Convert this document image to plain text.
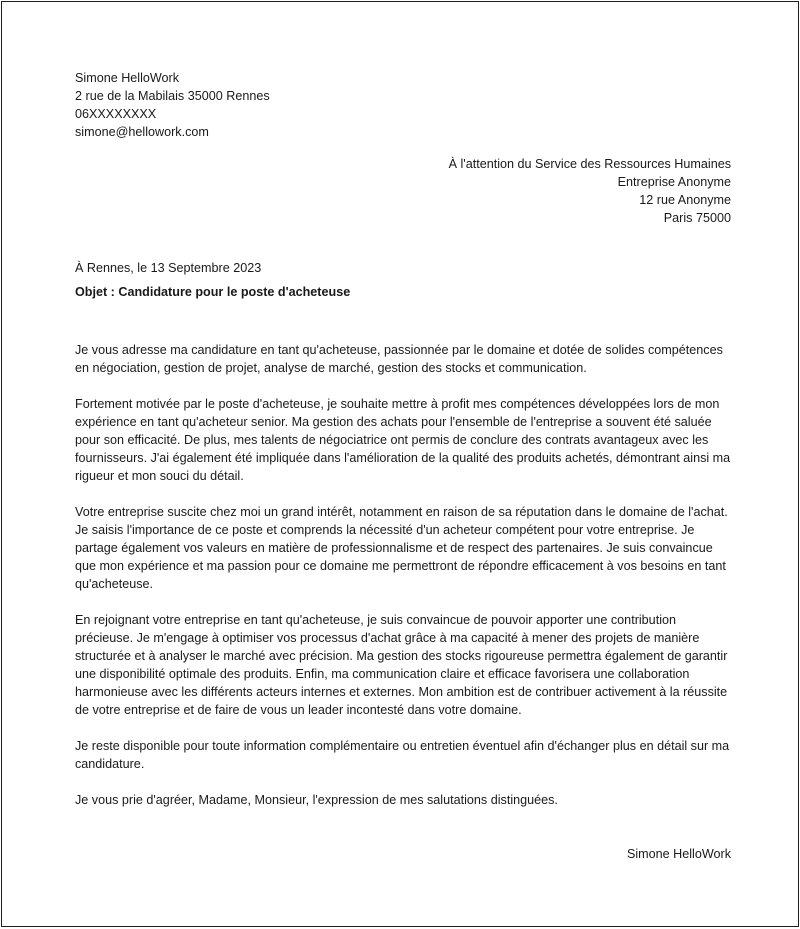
Simone HelloWork
2 rue de la Mabilais 35000 Rennes
06XXXXXXXX
simone@hellowork.com
À l'attention du Service des Ressources Humaines
Entreprise Anonyme
12 rue Anonyme
Paris 75000
À Rennes, le 13 Septembre 2023
Objet : Candidature pour le poste d'acheteuse

Je vous adresse ma candidature en tant qu'acheteuse, passionnée par le domaine et dotée de solides compétences en négociation, gestion de projet, analyse de marché, gestion des stocks et communication.

Fortement motivée par le poste d'acheteuse, je souhaite mettre à profit mes compétences développées lors de mon expérience en tant qu'acheteur senior. Ma gestion des achats pour l'ensemble de l'entreprise a souvent été saluée pour son efficacité. De plus, mes talents de négociatrice ont permis de conclure des contrats avantageux avec les fournisseurs. J'ai également été impliquée dans l'amélioration de la qualité des produits achetés, démontrant ainsi ma rigueur et mon souci du détail.

Votre entreprise suscite chez moi un grand intérêt, notamment en raison de sa réputation dans le domaine de l'achat. Je saisis l'importance de ce poste et comprends la nécessité d'un acheteur compétent pour votre entreprise. Je partage également vos valeurs en matière de professionnalisme et de respect des partenaires. Je suis convaincue que mon expérience et ma passion pour ce domaine me permettront de répondre efficacement à vos besoins en tant qu'acheteuse.

En rejoignant votre entreprise en tant qu'acheteuse, je suis convaincue de pouvoir apporter une contribution précieuse. Je m'engage à optimiser vos processus d'achat grâce à ma capacité à mener des projets de manière structurée et à analyser le marché avec précision. Ma gestion des stocks rigoureuse permettra également de garantir une disponibilité optimale des produits. Enfin, ma communication claire et efficace favorisera une collaboration harmonieuse avec les différents acteurs internes et externes. Mon ambition est de contribuer activement à la réussite de votre entreprise et de faire de vous un leader incontesté dans votre domaine.

Je reste disponible pour toute information complémentaire ou entretien éventuel afin d'échanger plus en détail sur ma candidature.

Je vous prie d'agréer, Madame, Monsieur, l'expression de mes salutations distinguées.

Simone HelloWork
